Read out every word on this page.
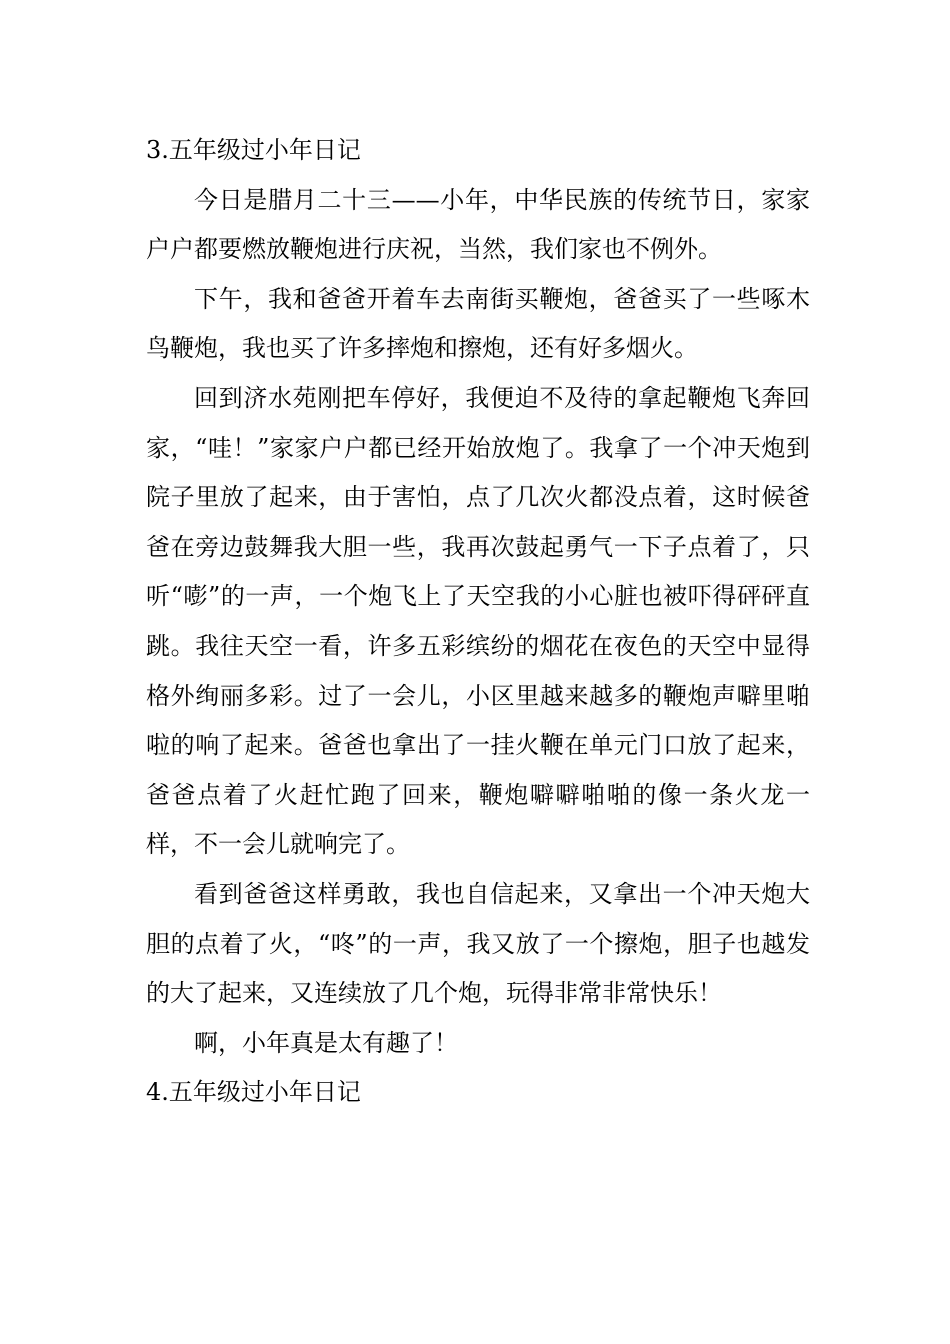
3.五年级过小年日记

今日是腊月二十三——小年，中华民族的传统节日，家家户户都要燃放鞭炮进行庆祝，当然，我们家也不例外。

下午，我和爸爸开着车去南街买鞭炮，爸爸买了一些啄木鸟鞭炮，我也买了许多摔炮和擦炮，还有好多烟火。

回到济水苑刚把车停好，我便迫不及待的拿起鞭炮飞奔回家，“哇！”家家户户都已经开始放炮了。我拿了一个冲天炮到院子里放了起来，由于害怕，点了几次火都没点着，这时候爸爸在旁边鼓舞我大胆一些，我再次鼓起勇气一下子点着了，只听“嘭”的一声，一个炮飞上了天空我的小心脏也被吓得砰砰直跳。我往天空一看，许多五彩缤纷的烟花在夜色的天空中显得格外绚丽多彩。过了一会儿，小区里越来越多的鞭炮声噼里啪啦的响了起来。爸爸也拿出了一挂火鞭在单元门口放了起来，爸爸点着了火赶忙跑了回来，鞭炮噼噼啪啪的像一条火龙一样，不一会儿就响完了。

看到爸爸这样勇敢，我也自信起来，又拿出一个冲天炮大胆的点着了火，“咚”的一声，我又放了一个擦炮，胆子也越发的大了起来，又连续放了几个炮，玩得非常非常快乐！

啊，小年真是太有趣了！

4.五年级过小年日记
